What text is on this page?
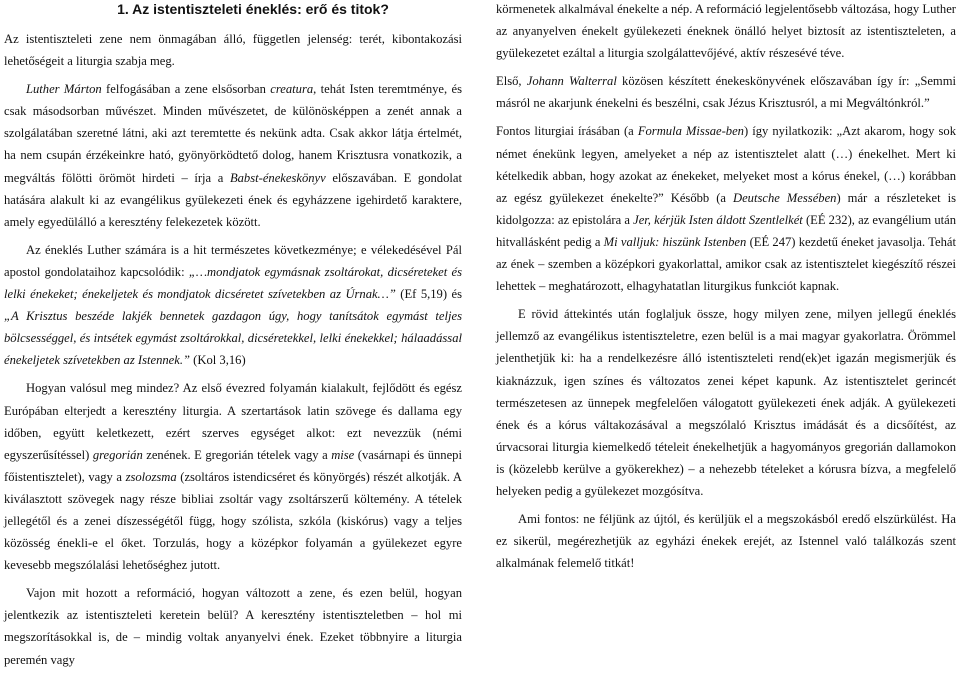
1. Az istentiszteleti éneklés: erő és titok?

Az istentiszteleti zene nem önmagában álló, független jelenség: terét, kibontakozási lehetőségeit a liturgia szabja meg.

Luther Márton felfogásában a zene elsősorban creatura, tehát Isten teremtménye, és csak másodsorban művészet. Minden művészetet, de különösképpen a zenét annak a szolgálatában szeretné látni, aki azt teremtette és nekünk adta. Csak akkor látja értelmét, ha nem csupán érzékeinkre ható, gyönyörködtető dolog, hanem Krisztusra vonatkozik, a megváltás fölötti örömöt hirdeti – írja a Babst-énekeskönyv előszavában. E gondolat hatására alakult ki az evangélikus gyülekezeti ének és egyházzene igehirdető karaktere, amely egyedülálló a keresztény felekezetek között.

Az éneklés Luther számára is a hit természetes következménye; e vélekedésével Pál apostol gondolataihoz kapcsolódik: „…mondjatok egymásnak zsoltárokat, dicséreteket és lelki énekeket; énekeljetek és mondjatok dicséretet szívetekben az Úrnak…” (Ef 5,19) és „A Krisztus beszéde lakjék bennetek gazdagon úgy, hogy tanítsátok egymást teljes bölcsességgel, és intsétek egymást zsoltárokkal, dicséretekkel, lelki énekekkel; hálaadással énekeljetek szívetekben az Istennek.” (Kol 3,16)

Hogyan valósul meg mindez? Az első évezred folyamán kialakult, fejlődött és egész Európában elterjedt a keresztény liturgia. A szertartások latin szövege és dallama egy időben, együtt keletkezett, ezért szerves egységet alkot: ezt nevezzük (némi egyszerűsítéssel) gregorián zenének. E gregorián tételek vagy a mise (vasárnapi és ünnepi főistentisztelet), vagy a zsolozsma (zsoltáros istendicséret és könyörgés) részét alkotják. A kiválasztott szövegek nagy része bibliai zsoltár vagy zsoltárszerű költemény. A tételek jellegétől és a zenei díszességétől függ, hogy szólista, szkóla (kiskórus) vagy a teljes közösség énekli-e el őket. Torzulás, hogy a középkor folyamán a gyülekezet egyre kevesebb megszólalási lehetőséghez jutott.

Vajon mit hozott a reformáció, hogyan változott a zene, és ezen belül, hogyan jelentkezik az istentiszteleti keretein belül? A keresztény istentiszteletben – hol mi megszorításokkal is, de – mindig voltak anyanyelvi ének. Ezeket többnyire a liturgia peremén vagy

körmenetek alkalmával énekelte a nép. A reformáció legjelentősebb változása, hogy Luther az anyanyelven énekelt gyülekezeti éneknek önálló helyet biztosít az istentiszteleten, a gyülekezetet ezáltal a liturgia szolgálattevőjévé, aktív részesévé téve.

Első, Johann Walterral közösen készített énekeskönyvének előszavában így ír: „Semmi másról ne akarjunk énekelni és beszélni, csak Jézus Krisztusról, a mi Megváltónkról.”

Fontos liturgiai írásában (a Formula Missae-ben) így nyilatkozik: „Azt akarom, hogy sok német énekünk legyen, amelyeket a nép az istentisztelet alatt (…) énekelhet. Mert ki kételkedik abban, hogy azokat az énekeket, melyeket most a kórus énekel, (…) korábban az egész gyülekezet énekelte?” Később (a Deutsche Messében) már a részleteket is kidolgozza: az epistolára a Jer, kérjük Isten áldott Szentlelkét (EÉ 232), az evangélium után hitvallásként pedig a Mi valljuk: hiszünk Istenben (EÉ 247) kezdetű éneket javasolja. Tehát az ének – szemben a középkori gyakorlattal, amikor csak az istentisztelet kiegészítő részei lehettek – meghatározott, elhagyhatatlan liturgikus funkciót kapnak.

E rövid áttekintés után foglaljuk össze, hogy milyen zene, milyen jellegű éneklés jellemző az evangélikus istentiszteletre, ezen belül is a mai magyar gyakorlatra. Örömmel jelenthetjük ki: ha a rendelkezésre álló istentiszteleti rend(ek)et igazán megismerjük és kiaknázzuk, igen színes és változatos zenei képet kapunk. Az istentisztelet gerincét természetesen az ünnepek megfelelően válogatott gyülekezeti ének adják. A gyülekezeti ének és a kórus váltakozásával a megszólaló Krisztus imádását és a dicsőítést, az úrvacsorai liturgia kiemelkedő tételeit énekelhetjük a hagyományos gregorián dallamokon is (közelebb kerülve a gyökerekhez) – a nehezebb tételeket a kórusra bízva, a megfelelő helyeken pedig a gyülekezet mozgósítva.

Ami fontos: ne féljünk az újtól, és kerüljük el a megszokásból eredő elszürkülést. Ha ez sikerül, megérezhetjük az egyházi énekek erejét, az Istennel való találkozás szent alkalmának felemelő titkát!
